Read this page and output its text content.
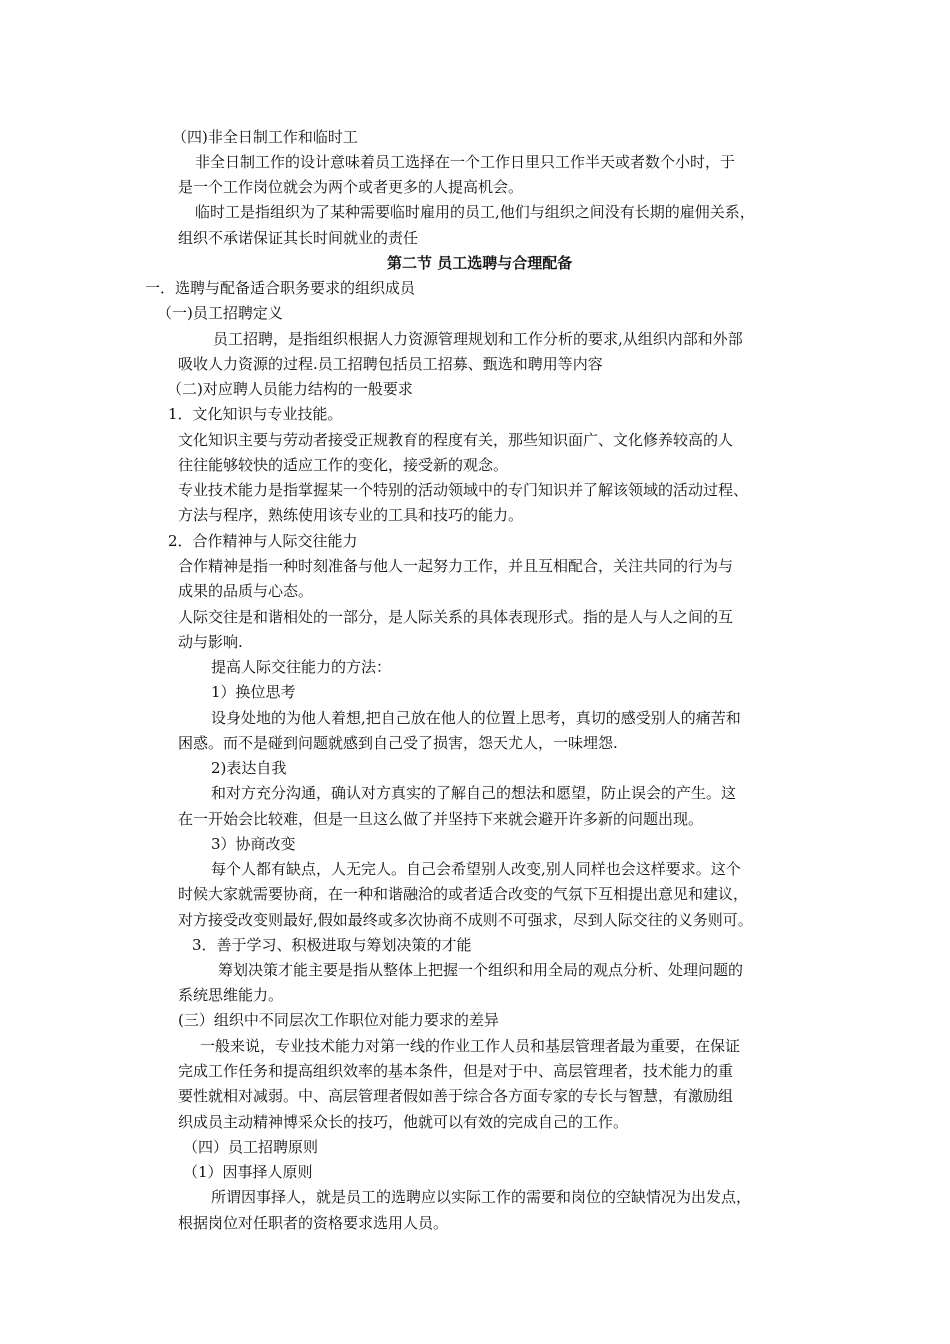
（四)非全日制工作和临时工
非全日制工作的设计意味着员工选择在一个工作日里只工作半天或者数个小时，于
是一个工作岗位就会为两个或者更多的人提高机会。
临时工是指组织为了某种需要临时雇用的员工,他们与组织之间没有长期的雇佣关系，
组织不承诺保证其长时间就业的责任
第二节 员工选聘与合理配备
一．选聘与配备适合职务要求的组织成员
（一)员工招聘定义
员工招聘，是指组织根据人力资源管理规划和工作分析的要求,从组织内部和外部
吸收人力资源的过程.员工招聘包括员工招募、甄选和聘用等内容
（二)对应聘人员能力结构的一般要求
1．文化知识与专业技能。
文化知识主要与劳动者接受正规教育的程度有关，那些知识面广、文化修养较高的人
往往能够较快的适应工作的变化，接受新的观念。
专业技术能力是指掌握某一个特别的活动领域中的专门知识并了解该领域的活动过程、
方法与程序，熟练使用该专业的工具和技巧的能力。
2．合作精神与人际交往能力
合作精神是指一种时刻准备与他人一起努力工作，并且互相配合，关注共同的行为与
成果的品质与心态。
人际交往是和谐相处的一部分，是人际关系的具体表现形式。指的是人与人之间的互
动与影响.
提高人际交往能力的方法：
1）换位思考
设身处地的为他人着想,把自己放在他人的位置上思考，真切的感受别人的痛苦和
困惑。而不是碰到问题就感到自己受了损害，怨天尤人，一味埋怨.
2)表达自我
和对方充分沟通，确认对方真实的了解自己的想法和愿望，防止误会的产生。这
在一开始会比较难，但是一旦这么做了并坚持下来就会避开许多新的问题出现。
3）协商改变
每个人都有缺点，人无完人。自己会希望别人改变,别人同样也会这样要求。这个
时候大家就需要协商，在一种和谐融洽的或者适合改变的气氛下互相提出意见和建议，
对方接受改变则最好,假如最终或多次协商不成则不可强求，尽到人际交往的义务则可。
3．善于学习、积极进取与筹划决策的才能
筹划决策才能主要是指从整体上把握一个组织和用全局的观点分析、处理问题的
系统思维能力。
(三）组织中不同层次工作职位对能力要求的差异
一般来说，专业技术能力对第一线的作业工作人员和基层管理者最为重要，在保证
完成工作任务和提高组织效率的基本条件，但是对于中、高层管理者，技术能力的重
要性就相对减弱。中、高层管理者假如善于综合各方面专家的专长与智慧，有激励组
织成员主动精神博采众长的技巧，他就可以有效的完成自己的工作。
（四）员工招聘原则
（1）因事择人原则
所谓因事择人，就是员工的选聘应以实际工作的需要和岗位的空缺情况为出发点，
根据岗位对任职者的资格要求选用人员。
